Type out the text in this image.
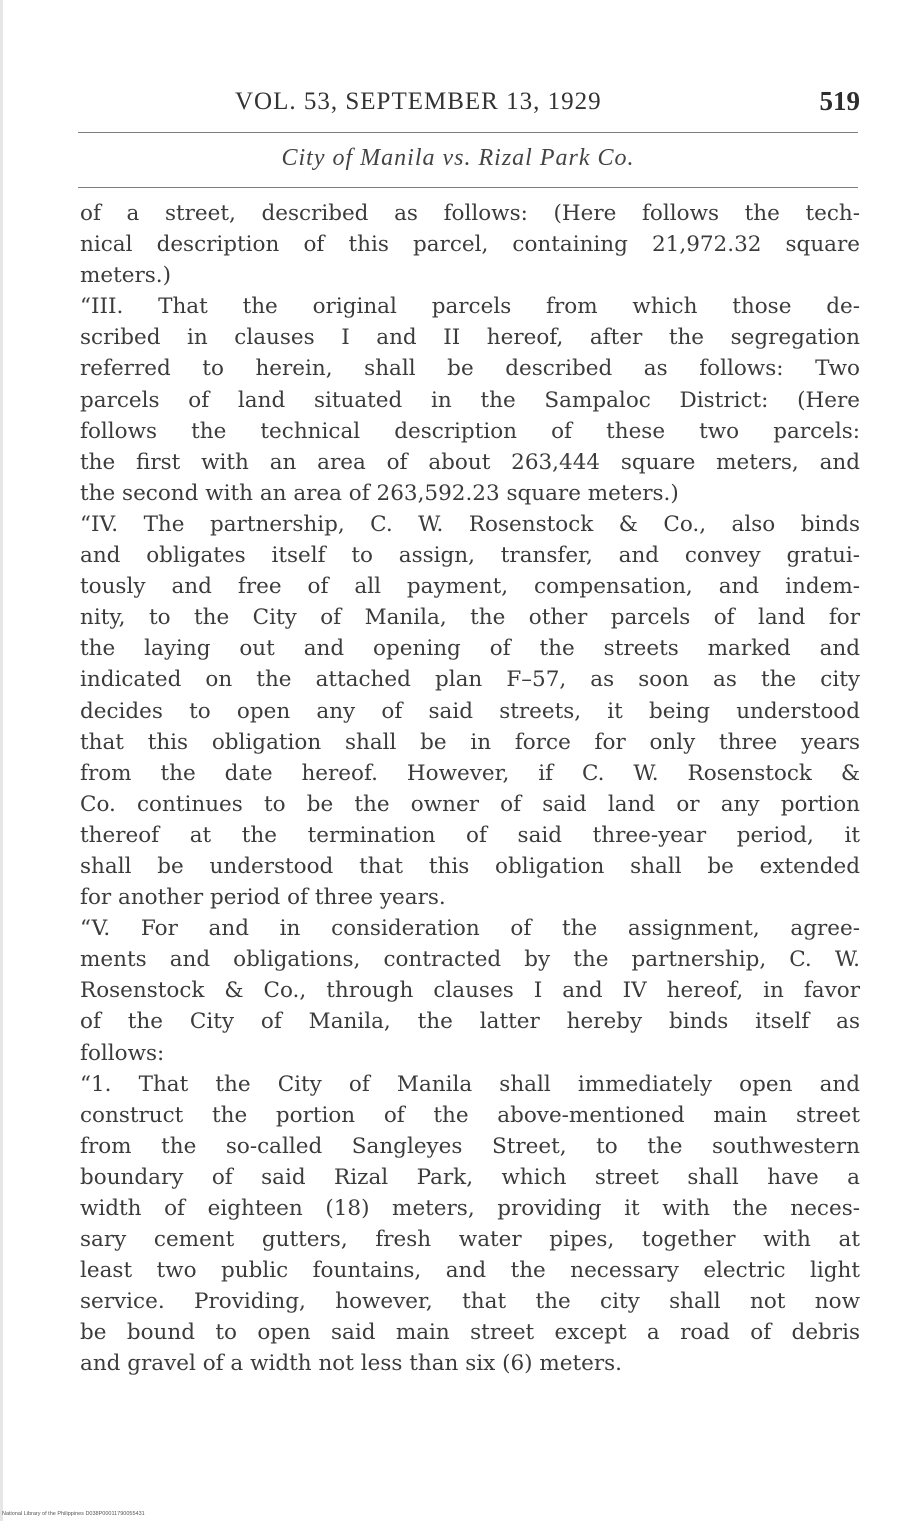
VOL. 53, SEPTEMBER 13, 1929	519
City of Manila vs. Rizal Park Co.
of a street, described as follows: (Here follows the tech-
nical description of this parcel, containing 21,972.32 square
meters.)
“III. That the original parcels from which those de-
scribed in clauses I and II hereof, after the segregation
referred to herein, shall be described as follows: Two
parcels of land situated in the Sampaloc District: (Here
follows the technical description of these two parcels:
the first with an area of about 263,444 square meters, and
the second with an area of 263,592.23 square meters.)
“IV. The partnership, C. W. Rosenstock & Co., also binds
and obligates itself to assign, transfer, and convey gratui-
tously and free of all payment, compensation, and indem-
nity, to the City of Manila, the other parcels of land for
the laying out and opening of the streets marked and
indicated on the attached plan F–57, as soon as the city
decides to open any of said streets, it being understood
that this obligation shall be in force for only three years
from the date hereof. However, if C. W. Rosenstock &
Co. continues to be the owner of said land or any portion
thereof at the termination of said three-year period, it
shall be understood that this obligation shall be extended
for another period of three years.
“V. For and in consideration of the assignment, agree-
ments and obligations, contracted by the partnership, C. W.
Rosenstock & Co., through clauses I and IV hereof, in favor
of the City of Manila, the latter hereby binds itself as
follows:
“1. That the City of Manila shall immediately open and
construct the portion of the above-mentioned main street
from the so-called Sangleyes Street, to the southwestern
boundary of said Rizal Park, which street shall have a
width of eighteen (18) meters, providing it with the neces-
sary cement gutters, fresh water pipes, together with at
least two public fountains, and the necessary electric light
service. Providing, however, that the city shall not now
be bound to open said main street except a road of debris
and gravel of a width not less than six (6) meters.
National Library of the Philippines D038P00011790055431
